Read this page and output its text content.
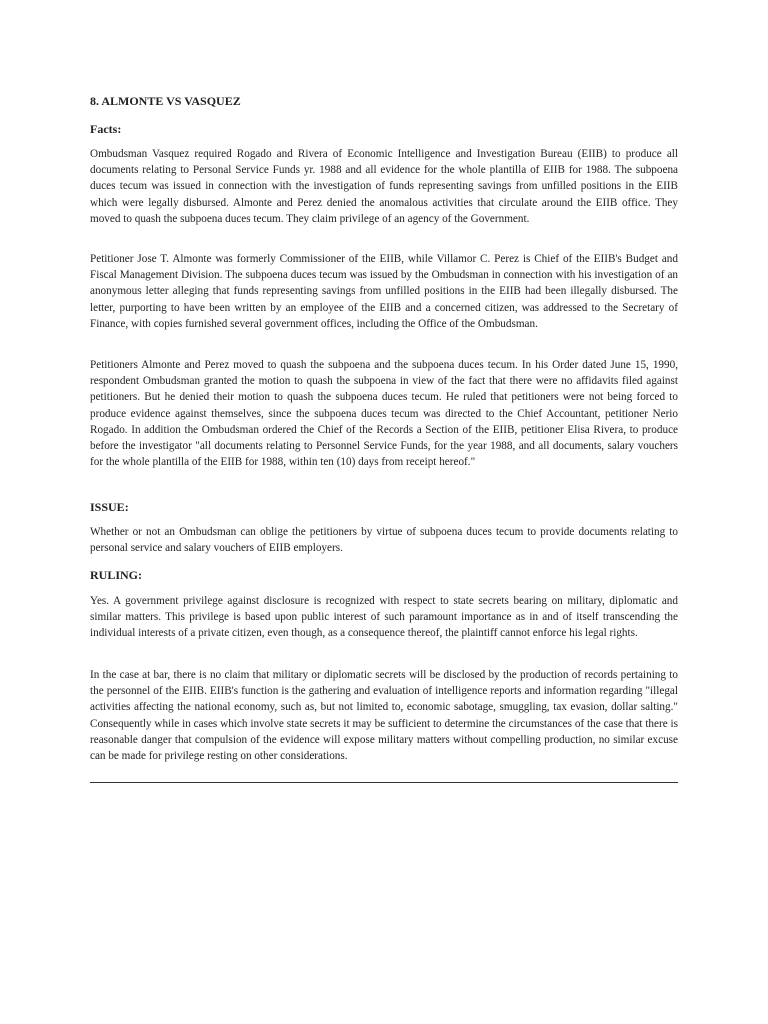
8. ALMONTE VS VASQUEZ
Facts:

Ombudsman Vasquez required Rogado and Rivera of Economic Intelligence and Investigation Bureau (EIIB) to produce all documents relating to Personal Service Funds yr. 1988 and all evidence for the whole plantilla of EIIB for 1988. The subpoena duces tecum was issued in connection with the investigation of funds representing savings from unfilled positions in the EIIB which were legally disbursed. Almonte and Perez denied the anomalous activities that circulate around the EIIB office. They moved to quash the subpoena duces tecum. They claim privilege of an agency of the Government.

Petitioner Jose T. Almonte was formerly Commissioner of the EIIB, while Villamor C. Perez is Chief of the EIIB's Budget and Fiscal Management Division. The subpoena duces tecum was issued by the Ombudsman in connection with his investigation of an anonymous letter alleging that funds representing savings from unfilled positions in the EIIB had been illegally disbursed. The letter, purporting to have been written by an employee of the EIIB and a concerned citizen, was addressed to the Secretary of Finance, with copies furnished several government offices, including the Office of the Ombudsman.

Petitioners Almonte and Perez moved to quash the subpoena and the subpoena duces tecum. In his Order dated June 15, 1990, respondent Ombudsman granted the motion to quash the subpoena in view of the fact that there were no affidavits filed against petitioners. But he denied their motion to quash the subpoena duces tecum. He ruled that petitioners were not being forced to produce evidence against themselves, since the subpoena duces tecum was directed to the Chief Accountant, petitioner Nerio Rogado. In addition the Ombudsman ordered the Chief of the Records a Section of the EIIB, petitioner Elisa Rivera, to produce before the investigator "all documents relating to Personnel Service Funds, for the year 1988, and all documents, salary vouchers for the whole plantilla of the EIIB for 1988, within ten (10) days from receipt hereof."

ISSUE:

Whether or not an Ombudsman can oblige the petitioners by virtue of subpoena duces tecum to provide documents relating to personal service and salary vouchers of EIIB employers.

RULING:

Yes. A government privilege against disclosure is recognized with respect to state secrets bearing on military, diplomatic and similar matters. This privilege is based upon public interest of such paramount importance as in and of itself transcending the individual interests of a private citizen, even though, as a consequence thereof, the plaintiff cannot enforce his legal rights.

In the case at bar, there is no claim that military or diplomatic secrets will be disclosed by the production of records pertaining to the personnel of the EIIB. EIIB's function is the gathering and evaluation of intelligence reports and information regarding "illegal activities affecting the national economy, such as, but not limited to, economic sabotage, smuggling, tax evasion, dollar salting." Consequently while in cases which involve state secrets it may be sufficient to determine the circumstances of the case that there is reasonable danger that compulsion of the evidence will expose military matters without compelling production, no similar excuse can be made for privilege resting on other considerations.
